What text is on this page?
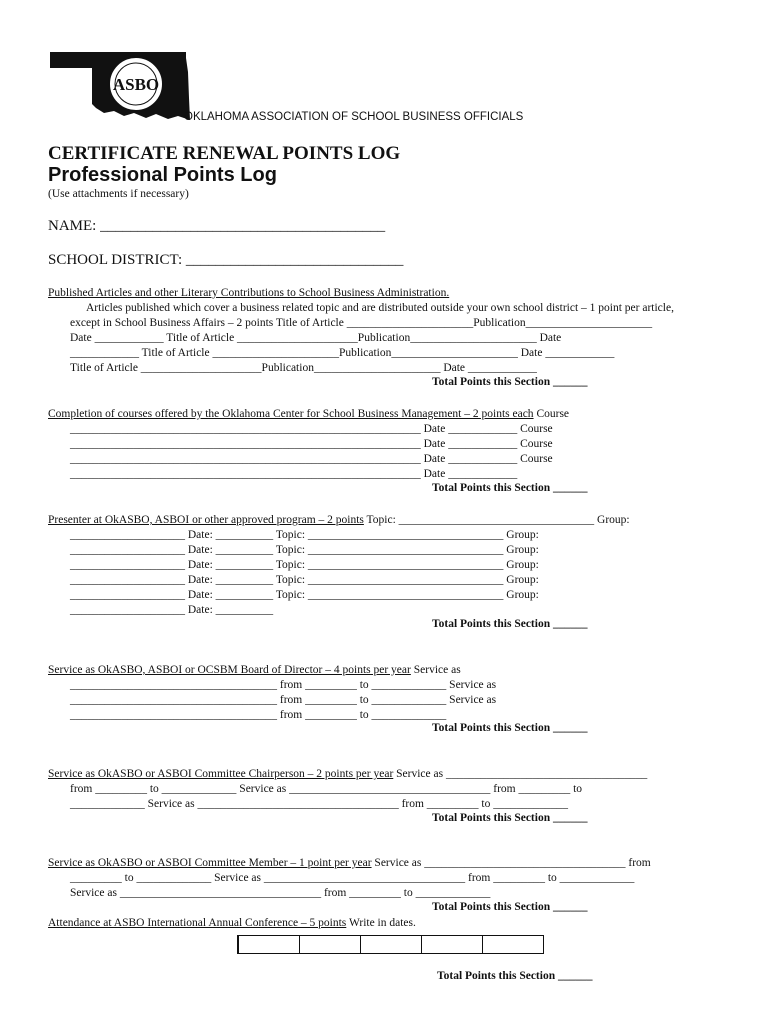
ASBO
OKLAHOMA ASSOCIATION OF SCHOOL BUSINESS OFFICIALS
CERTIFICATE RENEWAL POINTS LOG
Professional Points Log
(Use attachments if necessary)
NAME: ______________________________________
SCHOOL DISTRICT: _____________________________
Published Articles and other Literary Contributions to School Business Administration.
Articles published which cover a business related topic and are distributed outside your own school district – 1 point per article,
except in School Business Affairs – 2 points Title of Article ______________________Publication______________________
Date ____________ Title of Article _____________________Publication______________________ Date
____________ Title of Article ______________________Publication______________________ Date ____________
Title of Article _____________________Publication______________________ Date ____________
Total Points this Section ______
Completion of courses offered by the Oklahoma Center for School Business Management – 2 points each Course
_____________________________________________________________ Date ____________ Course
_____________________________________________________________ Date ____________ Course
_____________________________________________________________ Date ____________ Course
_____________________________________________________________ Date ____________
Total Points this Section ______
Presenter at OkASBO, ASBOI or other approved program – 2 points Topic: __________________________________ Group:
____________________ Date: __________ Topic: __________________________________ Group:
____________________ Date: __________ Topic: __________________________________ Group:
____________________ Date: __________ Topic: __________________________________ Group:
____________________ Date: __________ Topic: __________________________________ Group:
____________________ Date: __________ Topic: __________________________________ Group:
____________________ Date: __________
Total Points this Section ______
Service as OkASBO, ASBOI or OCSBM Board of Director – 4 points per year Service as
____________________________________ from _________ to _____________ Service as
____________________________________ from _________ to _____________ Service as
____________________________________ from _________ to _____________
Total Points this Section ______
Service as OkASBO or ASBOI Committee Chairperson – 2 points per year Service as ___________________________________
from _________ to _____________ Service as ___________________________________ from _________ to
_____________ Service as ___________________________________ from _________ to _____________
Total Points this Section ______
Service as OkASBO or ASBOI Committee Member – 1 point per year Service as ___________________________________ from
_________ to _____________ Service as ___________________________________ from _________ to _____________
Service as ___________________________________ from _________ to _____________
Total Points this Section ______
Attendance at ASBO International Annual Conference – 5 points Write in dates.
Total Points this Section ______
